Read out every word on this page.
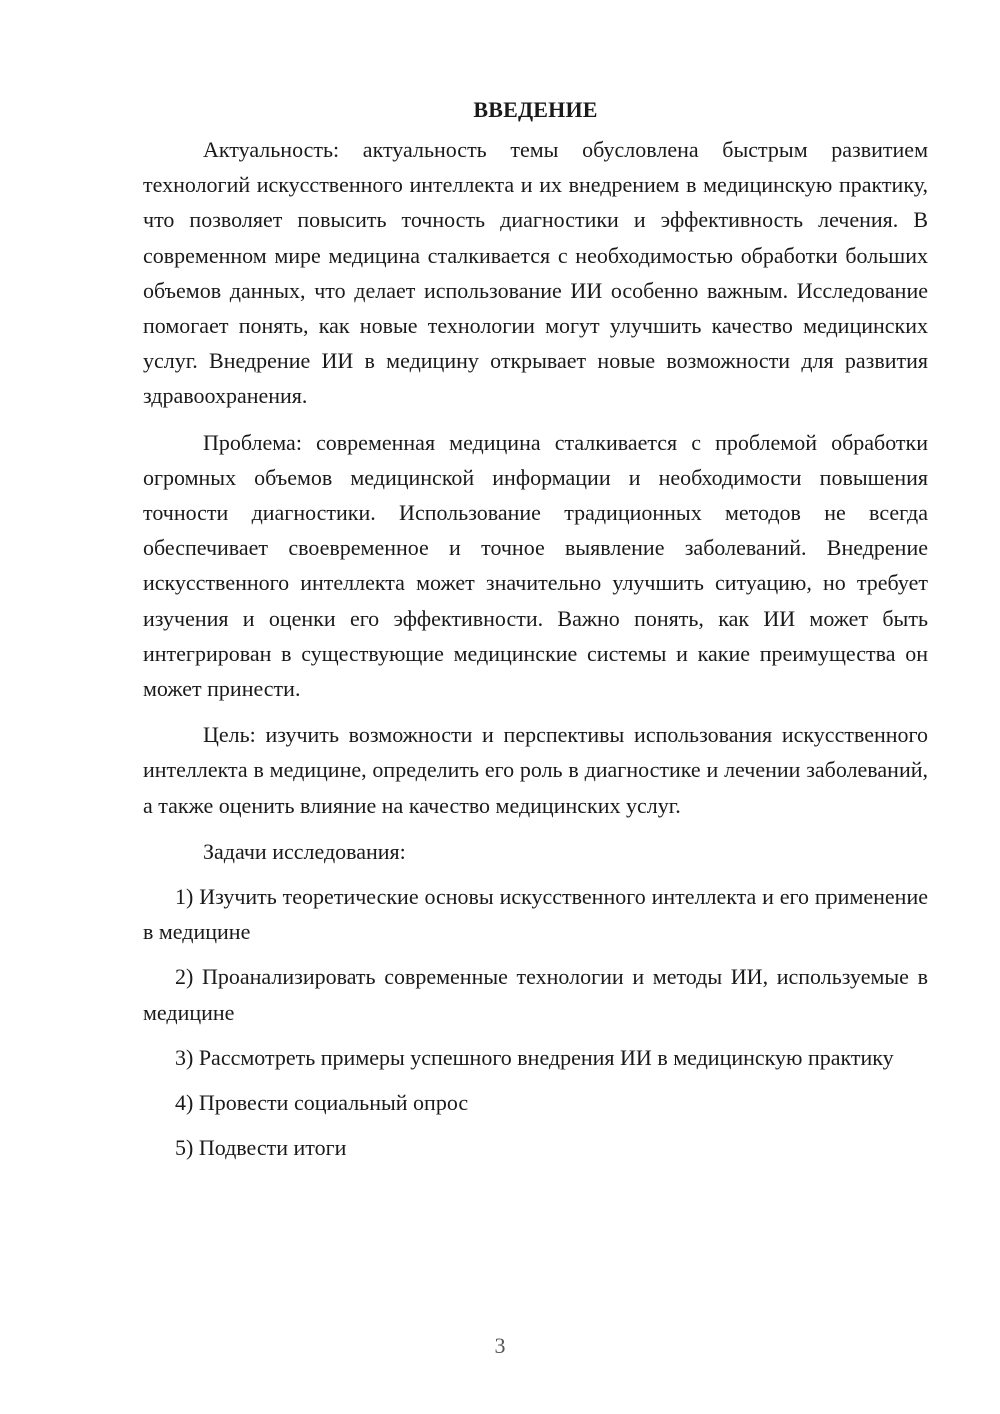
ВВЕДЕНИЕ

Актуальность: актуальность темы обусловлена быстрым развитием технологий искусственного интеллекта и их внедрением в медицинскую практику, что позволяет повысить точность диагностики и эффективность лечения. В современном мире медицина сталкивается с необходимостью обработки больших объемов данных, что делает использование ИИ особенно важным. Исследование помогает понять, как новые технологии могут улучшить качество медицинских услуг. Внедрение ИИ в медицину открывает новые возможности для развития здравоохранения.

Проблема: современная медицина сталкивается с проблемой обработки огромных объемов медицинской информации и необходимости повышения точности диагностики. Использование традиционных методов не всегда обеспечивает своевременное и точное выявление заболеваний. Внедрение искусственного интеллекта может значительно улучшить ситуацию, но требует изучения и оценки его эффективности. Важно понять, как ИИ может быть интегрирован в существующие медицинские системы и какие преимущества он может принести.

Цель: изучить возможности и перспективы использования искусственного интеллекта в медицине, определить его роль в диагностике и лечении заболеваний, а также оценить влияние на качество медицинских услуг.

Задачи исследования:

1) Изучить теоретические основы искусственного интеллекта и его применение в медицине

2) Проанализировать современные технологии и методы ИИ, используемые в медицине

3) Рассмотреть примеры успешного внедрения ИИ в медицинскую практику

4) Провести социальный опрос

5) Подвести итоги

3
